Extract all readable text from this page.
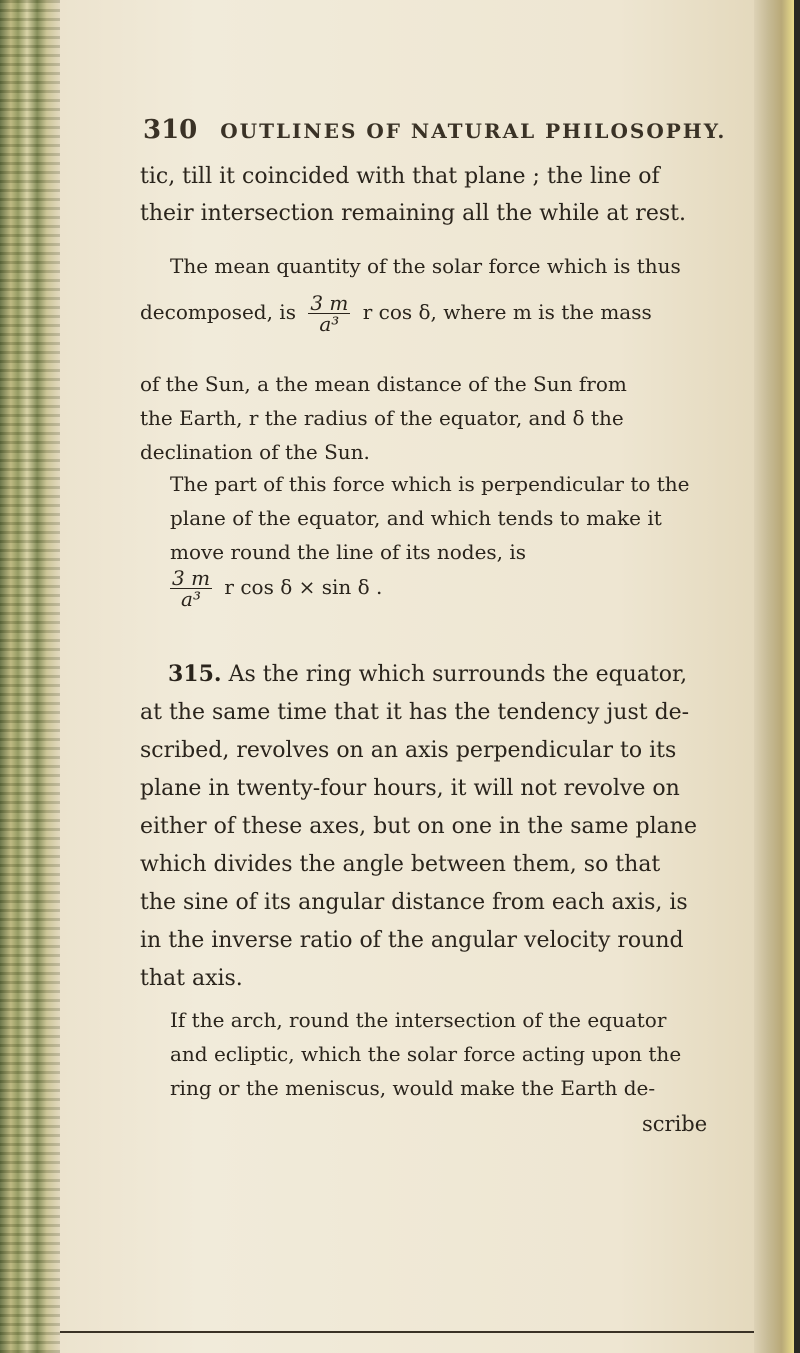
310 OUTLINES OF NATURAL PHILOSOPHY.

tic, till it coincided with that plane ; the line of

their intersection remaining all the while at rest.

The mean quantity of the solar force which is thus

decomposed, is $\frac{3 m}{\text{a³}}$ r cos δ, where m is the mass

of the Sun, a the mean distance of the Sun from

the Earth, r the radius of the equator, and δ the

declination of the Sun.

The part of this force which is perpendicular to the

plane of the equator, and which tends to make it

move round the line of its nodes, is

$\frac{3 m}{\text{a³}}$ r cos δ × sin δ .

315. As the ring which surrounds the equator,

at the same time that it has the tendency just de-

scribed, revolves on an axis perpendicular to its

plane in twenty-four hours, it will not revolve on

either of these axes, but on one in the same plane

which divides the angle between them, so that

the sine of its angular distance from each axis, is

in the inverse ratio of the angular velocity round

that axis.

If the arch, round the intersection of the equator

and ecliptic, which the solar force acting upon the

ring or the meniscus, would make the Earth de-

scribe
